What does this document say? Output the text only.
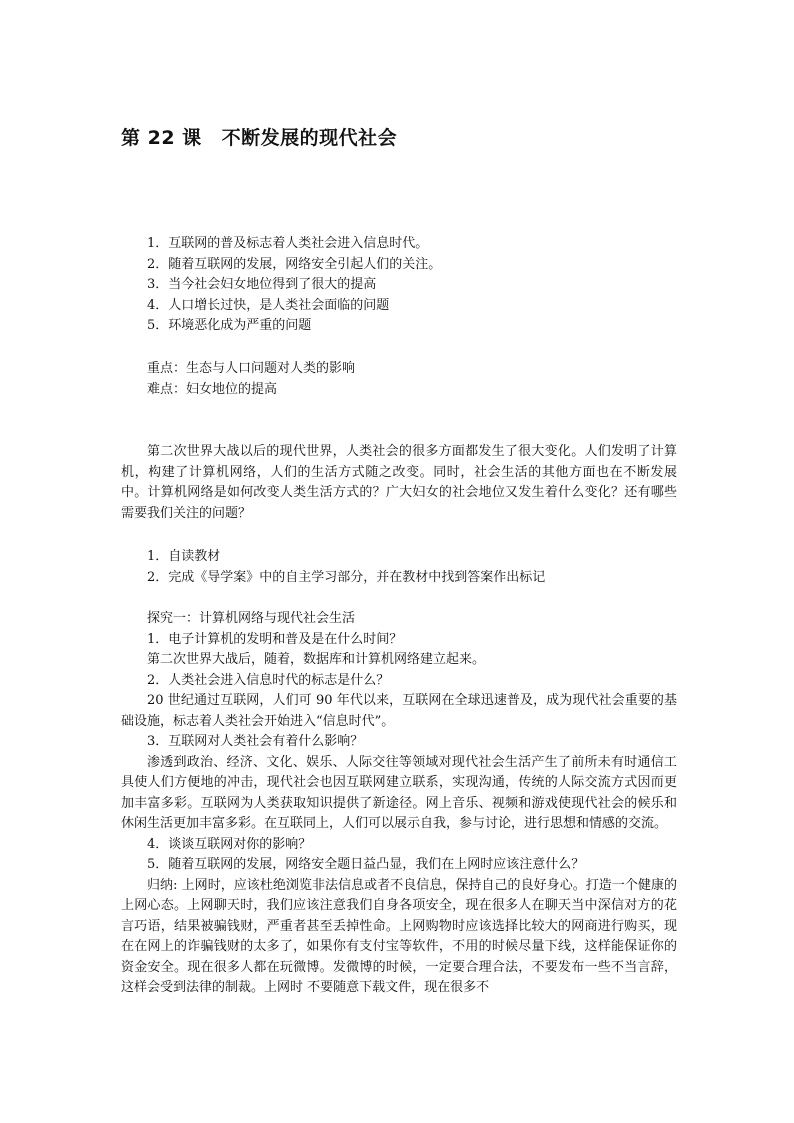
第 22 课 不断发展的现代社会
1．互联网的普及标志着人类社会进入信息时代。
2．随着互联网的发展，网络安全引起人们的关注。
3．当今社会妇女地位得到了很大的提高
4．人口增长过快，是人类社会面临的问题
5．环境恶化成为严重的问题
重点：生态与人口问题对人类的影响
难点：妇女地位的提高

第二次世界大战以后的现代世界，人类社会的很多方面都发生了很大变化。人们发明了计算机，构建了计算机网络，人们的生活方式随之改变。同时，社会生活的其他方面也在不断发展中。计算机网络是如何改变人类生活方式的？广大妇女的社会地位又发生着什么变化？还有哪些需要我们关注的问题？

1．自读教材
2．完成《导学案》中的自主学习部分，并在教材中找到答案作出标记
探究一：计算机网络与现代社会生活
1．电子计算机的发明和普及是在什么时间？
第二次世界大战后，随着，数据库和计算机网络建立起来。
2．人类社会进入信息时代的标志是什么？

20 世纪通过互联网，人们可 90 年代以来，互联网在全球迅速普及，成为现代社会重要的基础设施，标志着人类社会开始进入“信息时代”。

3．互联网对人类社会有着什么影响？

渗透到政治、经济、文化、娱乐、人际交往等领域对现代社会生活产生了前所未有时通信工具使人们方便地的冲击，现代社会也因互联网建立联系，实现沟通，传统的人际交流方式因而更加丰富多彩。互联网为人类获取知识提供了新途径。网上音乐、视频和游戏使现代社会的候乐和休闲生活更加丰富多彩。在互联同上，人们可以展示自我，参与讨论，进行思想和情感的交流。

4．谈谈互联网对你的影响？
5．随着互联网的发展，网络安全题日益凸显，我们在上网时应该注意什么？

归纳: 上网时，应该杜绝浏览非法信息或者不良信息，保持自己的良好身心。打造一个健康的上网心态。上网聊天时，我们应该注意我们自身各项安全，现在很多人在聊天当中深信对方的花言巧语，结果被骗钱财，严重者甚至丢掉性命。上网购物时应该选择比较大的网商进行购买，现在在网上的诈骗钱财的太多了，如果你有支付宝等软件，不用的时候尽量下线，这样能保证你的资金安全。现在很多人都在玩微博。发微博的时候，一定要合理合法，不要发布一些不当言辞，这样会受到法律的制裁。上网时 不要随意下载文件，现在很多不
